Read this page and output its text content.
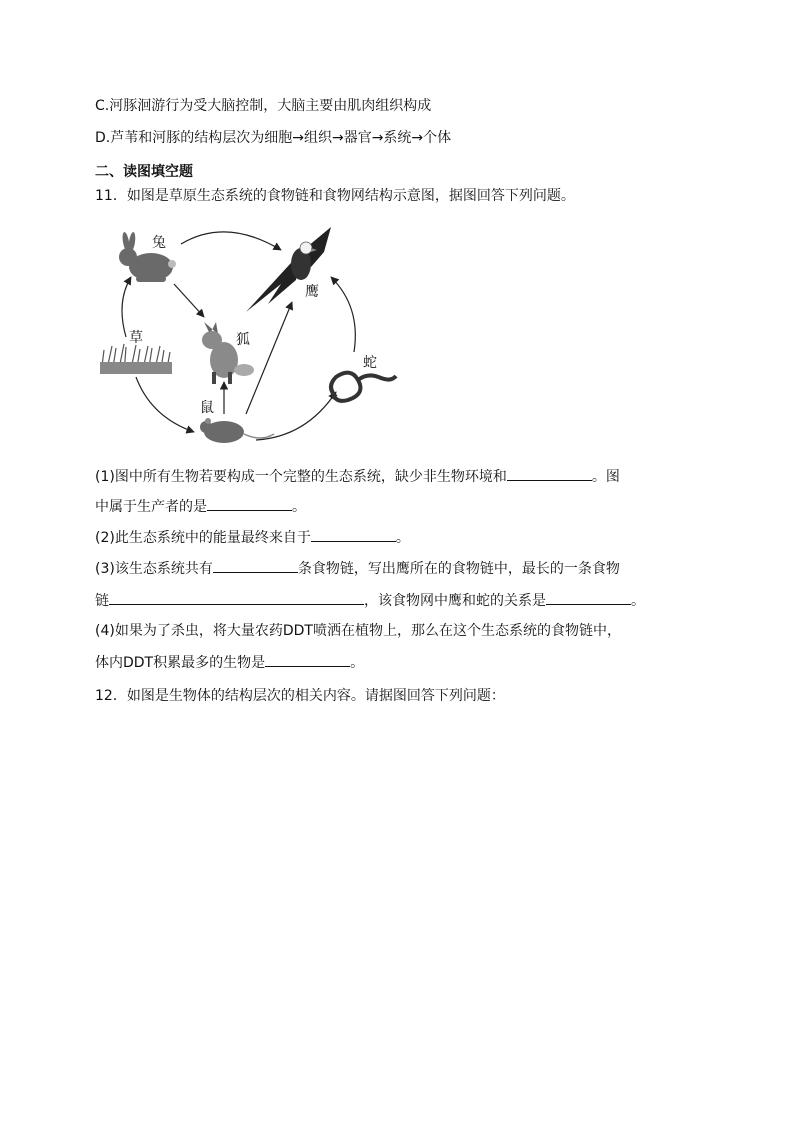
C.河豚洄游行为受大脑控制，大脑主要由肌肉组织构成
D.芦苇和河豚的结构层次为细胞→组织→器官→系统→个体
二、读图填空题
11．如图是草原生态系统的食物链和食物网结构示意图，据图回答下列问题。
兔
鹰
草	狐
蛇
鼠
(1)图中所有生物若要构成一个完整的生态系统，缺少非生物环境和	。图
中属于生产者的是	。
(2)此生态系统中的能量最终来自于	。
(3)该生态系统共有	条食物链，写出鹰所在的食物链中，最长的一条食物
链	，该食物网中鹰和蛇的关系是	。
(4)如果为了杀虫，将大量农药DDT喷洒在植物上，那么在这个生态系统的食物链中，
体内DDT积累最多的生物是	。
12．如图是生物体的结构层次的相关内容。请据图回答下列问题：
